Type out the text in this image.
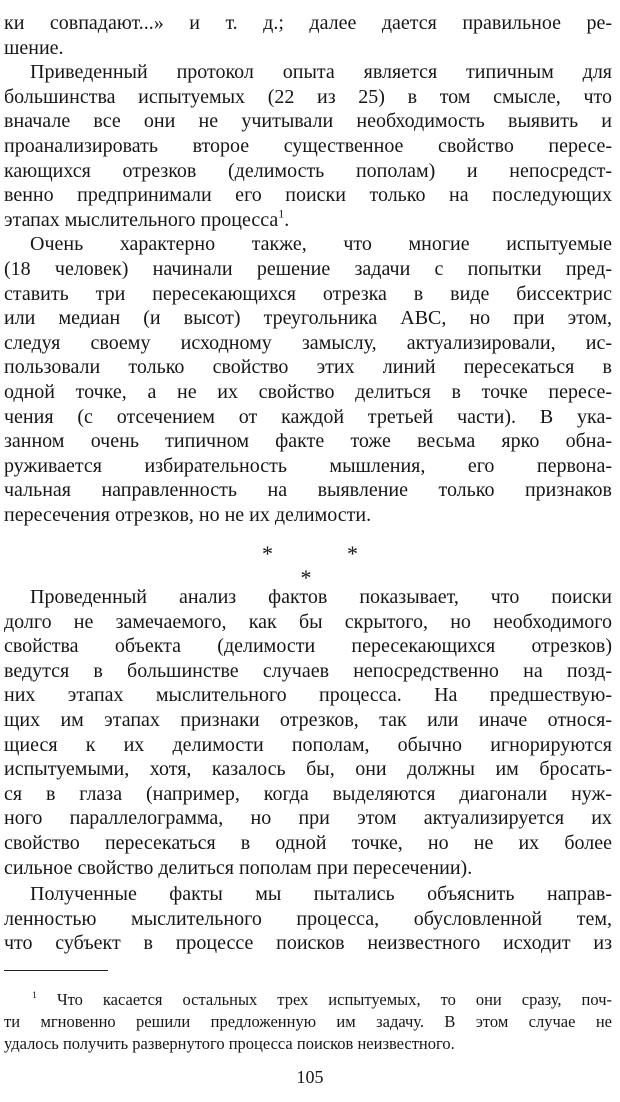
ки совпадают...» и т. д.; далее дается правильное ре-

шение.

Приведенный протокол опыта является типичным для

большинства испытуемых (22 из 25) в том смысле, что

вначале все они не учитывали необходимость выявить и

проанализировать второе существенное свойство пересе-

кающихся отрезков (делимость пополам) и непосредст-

венно предпринимали его поиски только на последующих

этапах мыслительного процесса$^1$.

Очень характерно также, что многие испытуемые

(18 человек) начинали решение задачи с попытки пред-

ставить три пересекающихся отрезка в виде биссектрис

или медиан (и высот) треугольника ABC, но при этом,

следуя своему исходному замыслу, актуализировали, ис-

пользовали только свойство этих линий пересекаться в

одной точке, а не их свойство делиться в точке пересе-

чения (с отсечением от каждой третьей части). В ука-

занном очень типичном факте тоже весьма ярко обна-

руживается избирательность мышления, его первона-

чальная направленность на выявление только признаков

пересечения отрезков, но не их делимости.

* *
*

Проведенный анализ фактов показывает, что поиски

долго не замечаемого, как бы скрытого, но необходимого

свойства объекта (делимости пересекающихся отрезков)

ведутся в большинстве случаев непосредственно на позд-

них этапах мыслительного процесса. На предшествую-

щих им этапах признаки отрезков, так или иначе относя-

щиеся к их делимости пополам, обычно игнорируются

испытуемыми, хотя, казалось бы, они должны им бросать-

ся в глаза (например, когда выделяются диагонали нуж-

ного параллелограмма, но при этом актуализируется их

свойство пересекаться в одной точке, но не их более

сильное свойство делиться пополам при пересечении).

Полученные факты мы пытались объяснить направ-

ленностью мыслительного процесса, обусловленной тем,

что субъект в процессе поисков неизвестного исходит из

$^1$ Что касается остальных трех испытуемых, то они сразу, поч-
ти мгновенно решили предложенную им задачу. В этом случае не
удалось получить развернутого процесса поисков неизвестного.
105
